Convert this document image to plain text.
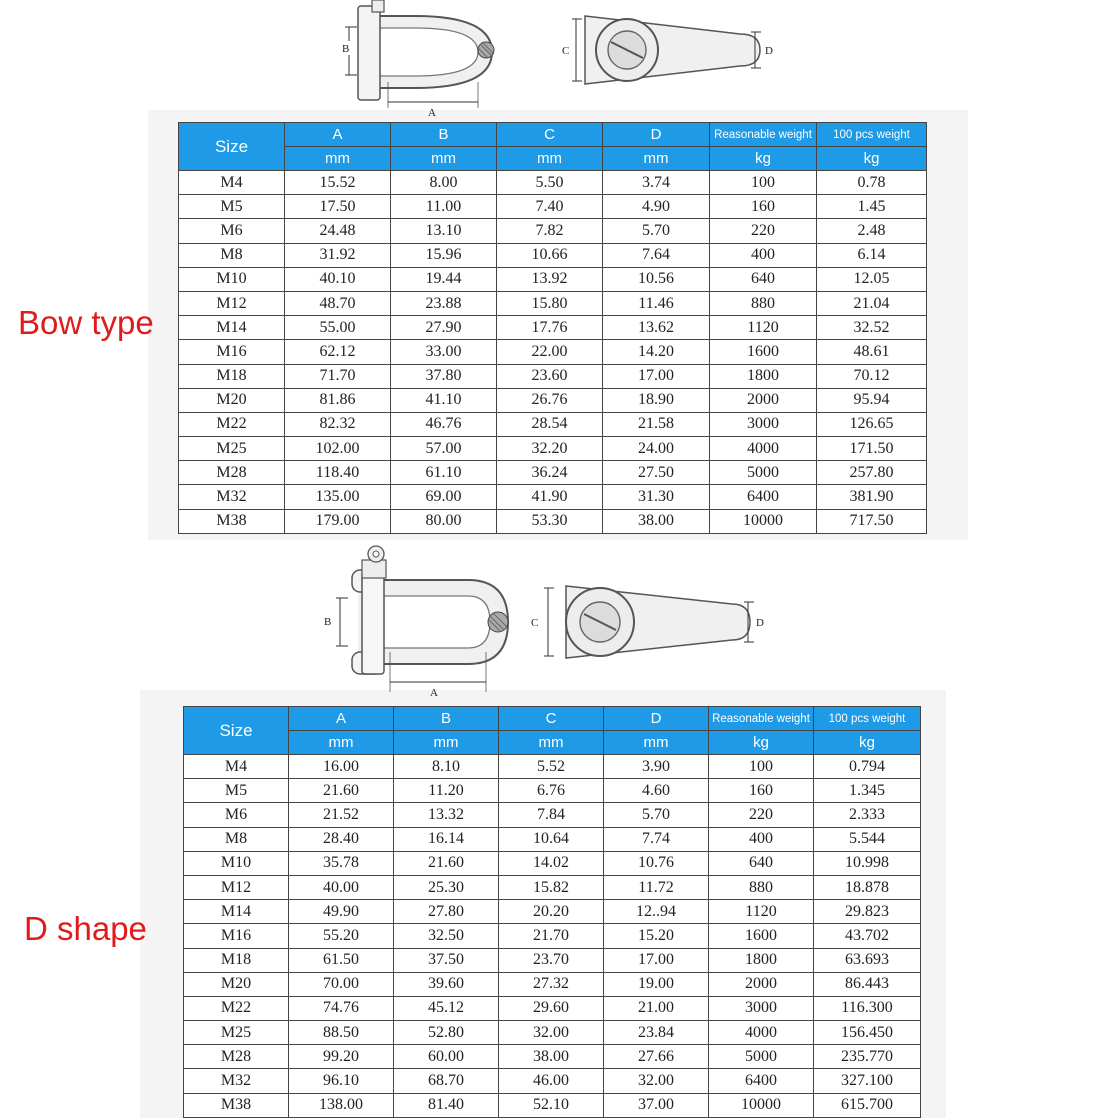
B
A
C	D
B
A
C	D
Bow type
D shape
Size	A	B	C	D	Reasonable weight	100 pcs weight
	mm	mm	mm	mm	kg	kg
M4	15.52	8.00	5.50	3.74	100	0.78
M5	17.50	11.00	7.40	4.90	160	1.45
M6	24.48	13.10	7.82	5.70	220	2.48
M8	31.92	15.96	10.66	7.64	400	6.14
M10	40.10	19.44	13.92	10.56	640	12.05
M12	48.70	23.88	15.80	11.46	880	21.04
M14	55.00	27.90	17.76	13.62	1120	32.52
M16	62.12	33.00	22.00	14.20	1600	48.61
M18	71.70	37.80	23.60	17.00	1800	70.12
M20	81.86	41.10	26.76	18.90	2000	95.94
M22	82.32	46.76	28.54	21.58	3000	126.65
M25	102.00	57.00	32.20	24.00	4000	171.50
M28	118.40	61.10	36.24	27.50	5000	257.80
M32	135.00	69.00	41.90	31.30	6400	381.90
M38	179.00	80.00	53.30	38.00	10000	717.50
Size	A	B	C	D	Reasonable weight	100 pcs weight
	mm	mm	mm	mm	kg	kg
M4	16.00	8.10	5.52	3.90	100	0.794
M5	21.60	11.20	6.76	4.60	160	1.345
M6	21.52	13.32	7.84	5.70	220	2.333
M8	28.40	16.14	10.64	7.74	400	5.544
M10	35.78	21.60	14.02	10.76	640	10.998
M12	40.00	25.30	15.82	11.72	880	18.878
M14	49.90	27.80	20.20	12..94	1120	29.823
M16	55.20	32.50	21.70	15.20	1600	43.702
M18	61.50	37.50	23.70	17.00	1800	63.693
M20	70.00	39.60	27.32	19.00	2000	86.443
M22	74.76	45.12	29.60	21.00	3000	116.300
M25	88.50	52.80	32.00	23.84	4000	156.450
M28	99.20	60.00	38.00	27.66	5000	235.770
M32	96.10	68.70	46.00	32.00	6400	327.100
M38	138.00	81.40	52.10	37.00	10000	615.700
